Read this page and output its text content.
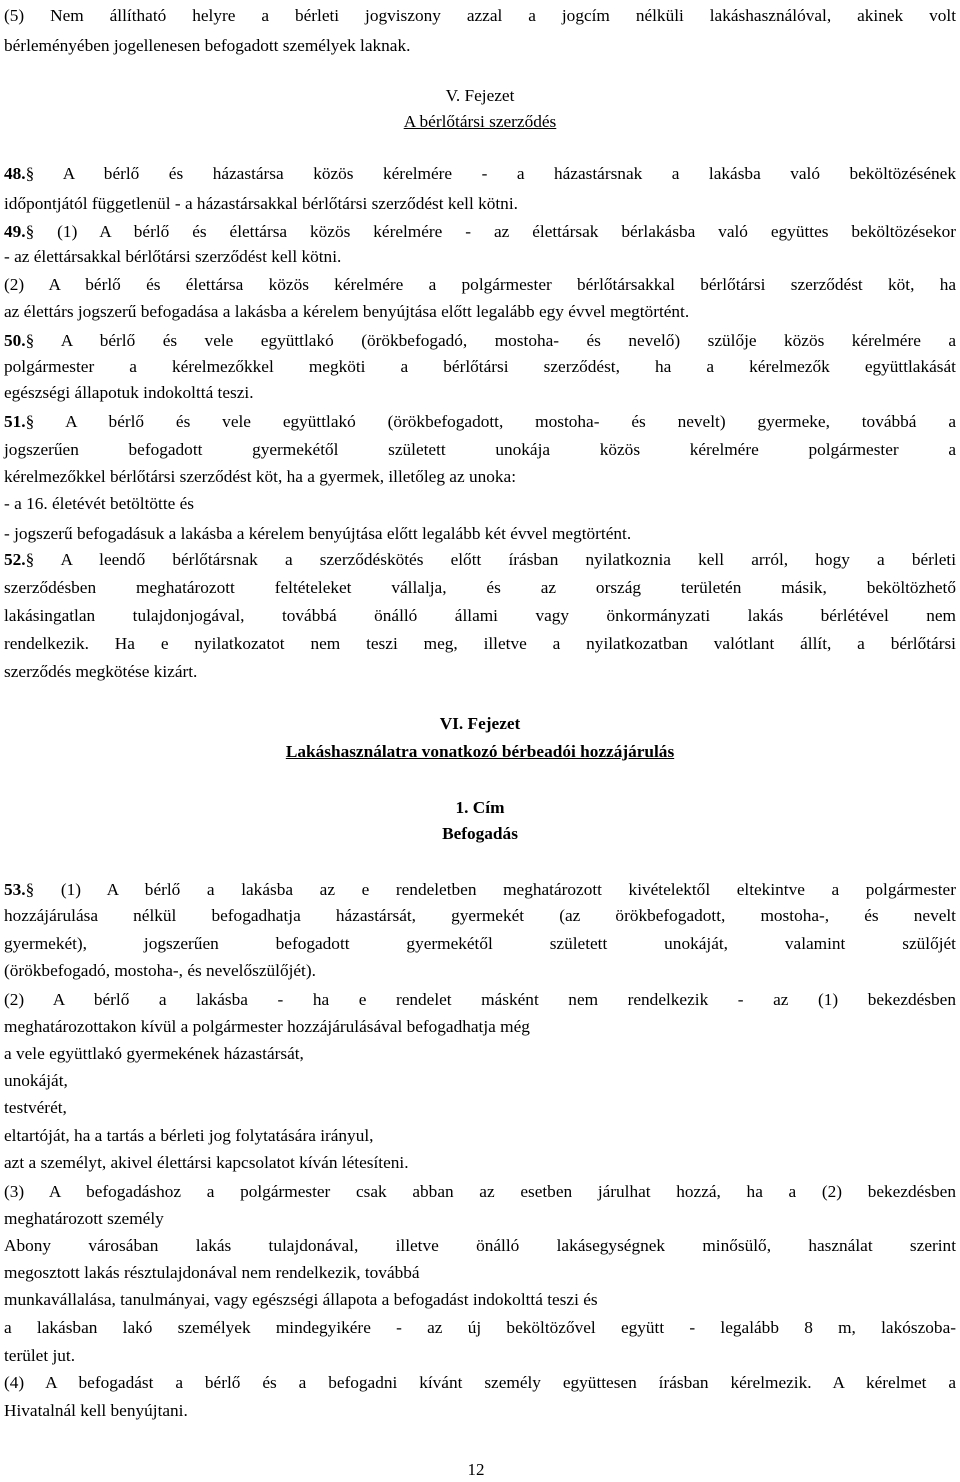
(5) Nem állítható helyre a bérleti jogviszony azzal a jogcím nélküli lakáshasználóval, akinek volt
bérleményében jogellenesen befogadott személyek laknak.
V. Fejezet
A bérlőtársi szerződés
48.§ A bérlő és házastársa közös kérelmére - a házastársnak a lakásba való beköltözésének
időpontjától függetlenül - a házastársakkal bérlőtársi szerződést kell kötni.
49.§ (1) A bérlő és élettársa közös kérelmére - az élettársak bérlakásba való együttes beköltözésekor
- az élettársakkal bérlőtársi szerződést kell kötni.
(2) A bérlő és élettársa közös kérelmére a polgármester bérlőtársakkal bérlőtársi szerződést köt, ha
az élettárs jogszerű befogadása a lakásba a kérelem benyújtása előtt legalább egy évvel megtörtént.
50.§ A bérlő és vele együttlakó (örökbefogadó, mostoha- és nevelő) szülője közös kérelmére a
polgármester a kérelmezőkkel megköti a bérlőtársi szerződést, ha a kérelmezők együttlakását
egészségi állapotuk indokolttá teszi.
51.§ A bérlő és vele együttlakó (örökbefogadott, mostoha- és nevelt) gyermeke, továbbá a
jogszerűen befogadott gyermekétől született unokája közös kérelmére polgármester a
kérelmezőkkel bérlőtársi szerződést köt, ha a gyermek, illetőleg az unoka:
- a 16. életévét betöltötte és
- jogszerű befogadásuk a lakásba a kérelem benyújtása előtt legalább két évvel megtörtént.
52.§ A leendő bérlőtársnak a szerződéskötés előtt írásban nyilatkoznia kell arról, hogy a bérleti
szerződésben meghatározott feltételeket vállalja, és az ország területén másik, beköltözhető
lakásingatlan tulajdonjogával, továbbá önálló állami vagy önkormányzati lakás bérlétével nem
rendelkezik. Ha e nyilatkozatot nem teszi meg, illetve a nyilatkozatban valótlant állít, a bérlőtársi
szerződés megkötése kizárt.
VI. Fejezet
Lakáshasználatra vonatkozó bérbeadói hozzájárulás
1. Cím
Befogadás
53.§ (1) A bérlő a lakásba az e rendeletben meghatározott kivételektől eltekintve a polgármester
hozzájárulása nélkül befogadhatja házastársát, gyermekét (az örökbefogadott, mostoha-, és nevelt
gyermekét), jogszerűen befogadott gyermekétől született unokáját, valamint szülőjét
(örökbefogadó, mostoha-, és nevelőszülőjét).
(2) A bérlő a lakásba - ha e rendelet másként nem rendelkezik - az (1) bekezdésben
meghatározottakon kívül a polgármester hozzájárulásával befogadhatja még
a vele együttlakó gyermekének házastársát,
unokáját,
testvérét,
eltartóját, ha a tartás a bérleti jog folytatására irányul,
azt a személyt, akivel élettársi kapcsolatot kíván létesíteni.
(3) A befogadáshoz a polgármester csak abban az esetben járulhat hozzá, ha a (2) bekezdésben
meghatározott személy
Abony városában lakás tulajdonával, illetve önálló lakásegységnek minősülő, használat szerint
megosztott lakás résztulajdonával nem rendelkezik, továbbá
munkavállalása, tanulmányai, vagy egészségi állapota a befogadást indokolttá teszi és
a lakásban lakó személyek mindegyikére - az új beköltözővel együtt - legalább 8 m, lakószoba-
terület jut.
(4) A befogadást a bérlő és a befogadni kívánt személy együttesen írásban kérelmezik. A kérelmet a
Hivatalnál kell benyújtani.
12
